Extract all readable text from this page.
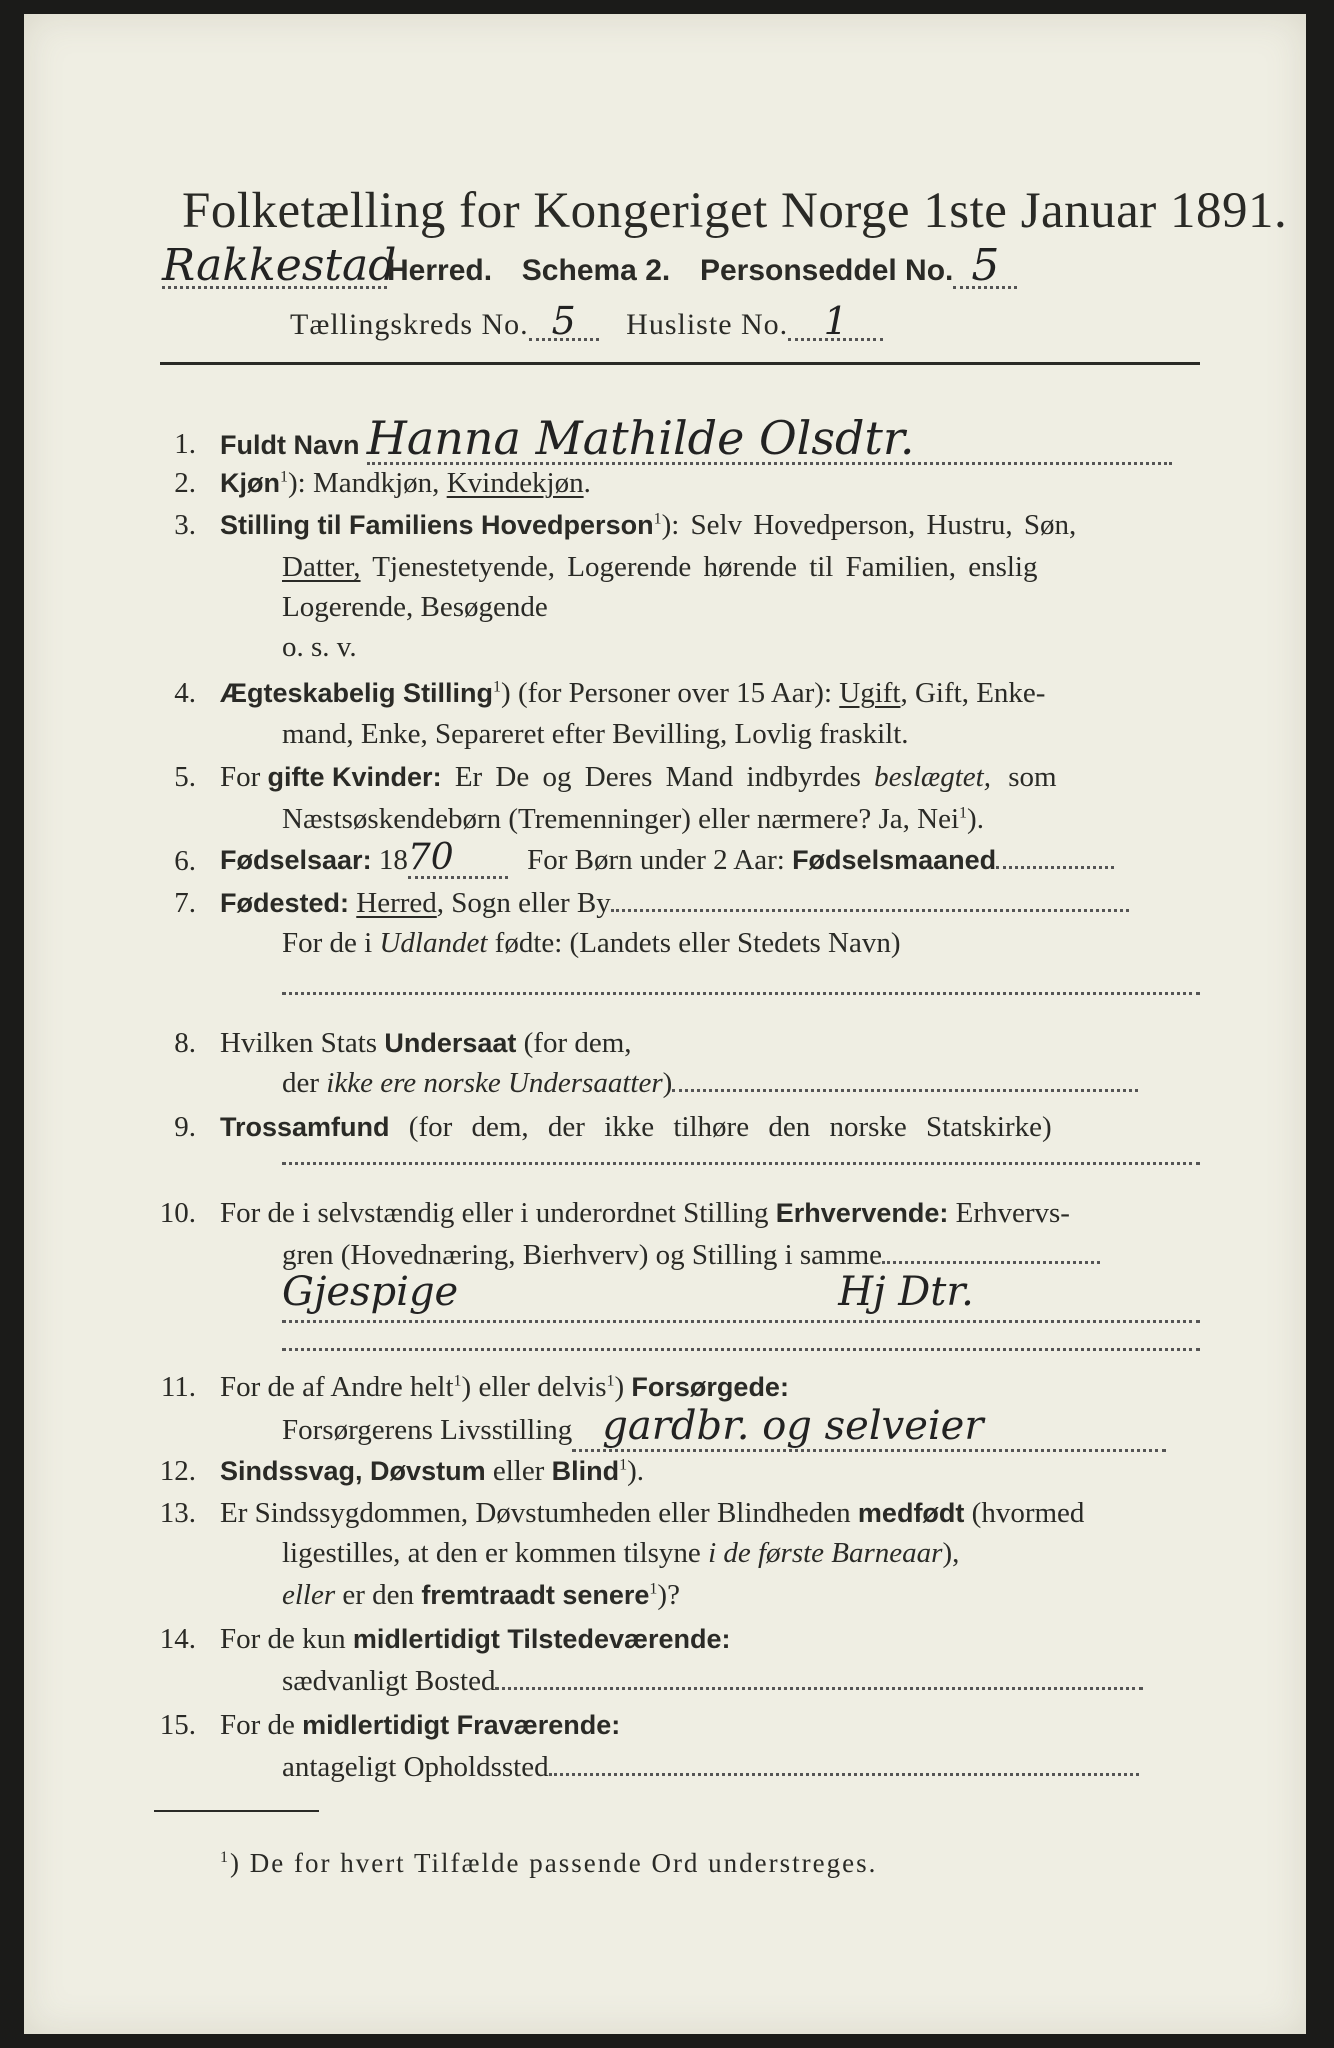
Folketælling for Kongeriget Norge 1ste Januar 1891.
RakkestadHerred. Schema 2. Personseddel No. 5
Tællingskreds No. 5 Husliste No. 1
1. Fuldt Navn Hanna Mathilde Olsdtr.
2. Kjøn$^1$): Mandkjøn, Kvindekjøn.
3. Stilling til Familiens Hovedperson$^1$): Selv Hovedperson, Hustru, Søn,
Datter, Tjenestetyende, Logerende hørende til Familien, enslig
Logerende, Besøgende
o. s. v.
4. Ægteskabelig Stilling$^1$) (for Personer over 15 Aar): Ugift, Gift, Enke-
mand, Enke, Separeret efter Bevilling, Lovlig fraskilt.
5. For gifte Kvinder: Er De og Deres Mand indbyrdes beslægtet, som
Næstsøskendebørn (Tremenninger) eller nærmere? Ja, Nei$^1$).
6. Fødselsaar: 1870	For Børn under 2 Aar: Fødselsmaaned
7. Fødested: Herred, Sogn eller By
For de i Udlandet fødte: (Landets eller Stedets Navn)
8. Hvilken Stats Undersaat (for dem,
der ikke ere norske Undersaatter)
9. Trossamfund (for dem, der ikke tilhøre den norske Statskirke)
10. For de i selvstændig eller i underordnet Stilling Erhvervende: Erhvervs-
gren (Hovednæring, Bierhverv) og Stilling i samme
Gjespige	Hj Dtr.
11. For de af Andre helt$^1$) eller delvis$^1$) Forsørgede:
Forsørgerens Livsstilling gardbr. og selveier
12. Sindssvag, Døvstum eller Blind$^1$).
13. Er Sindssygdommen, Døvstumheden eller Blindheden medfødt (hvormed
ligestilles, at den er kommen tilsyne i de første Barneaar),
eller er den fremtraadt senere$^1$)?
14. For de kun midlertidigt Tilstedeværende:
sædvanligt Bosted
15. For de midlertidigt Fraværende:
antageligt Opholdssted
$^1$) De for hvert Tilfælde passende Ord understreges.
